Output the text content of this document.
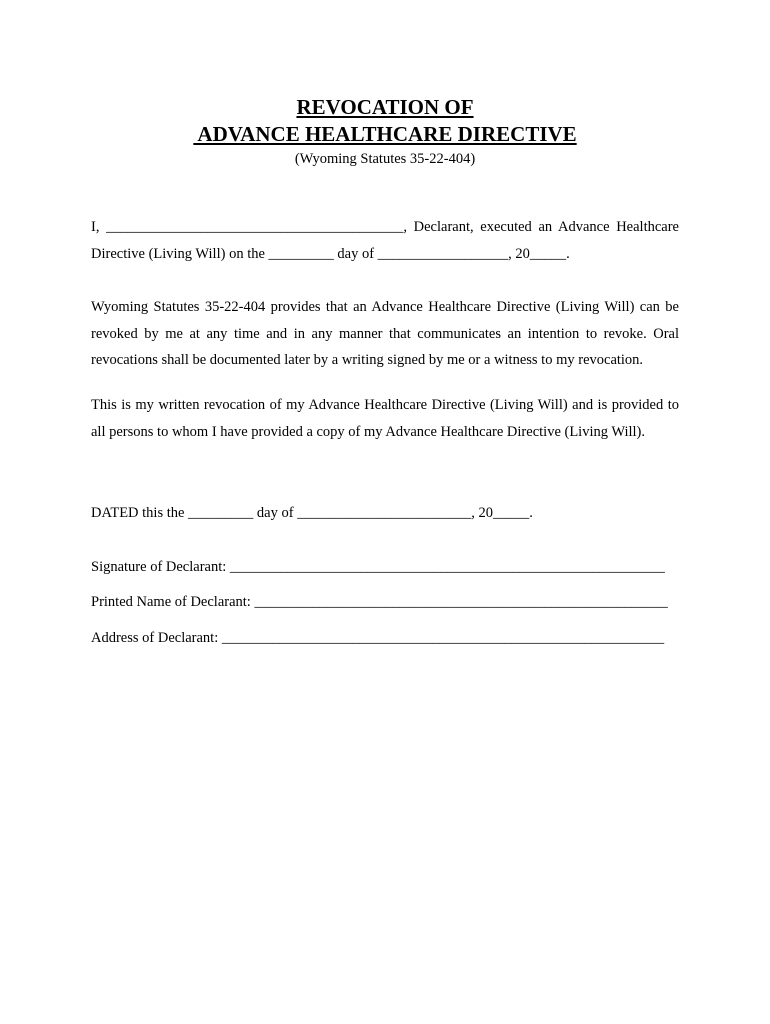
REVOCATION OF
ADVANCE HEALTHCARE DIRECTIVE
(Wyoming Statutes 35-22-404)
I, _________________________________________, Declarant, executed an Advance Healthcare Directive (Living Will) on the _________ day of __________________, 20_____.
Wyoming Statutes 35-22-404 provides that an Advance Healthcare Directive (Living Will) can be revoked by me at any time and in any manner that communicates an intention to revoke. Oral revocations shall be documented later by a writing signed by me or a witness to my revocation.
This is my written revocation of my Advance Healthcare Directive (Living Will) and is provided to all persons to whom I have provided a copy of my Advance Healthcare Directive (Living Will).
DATED this the _________ day of ________________________, 20_____.
Signature of Declarant: ____________________________________________________________
Printed Name of Declarant: _________________________________________________________
Address of Declarant: _____________________________________________________________
